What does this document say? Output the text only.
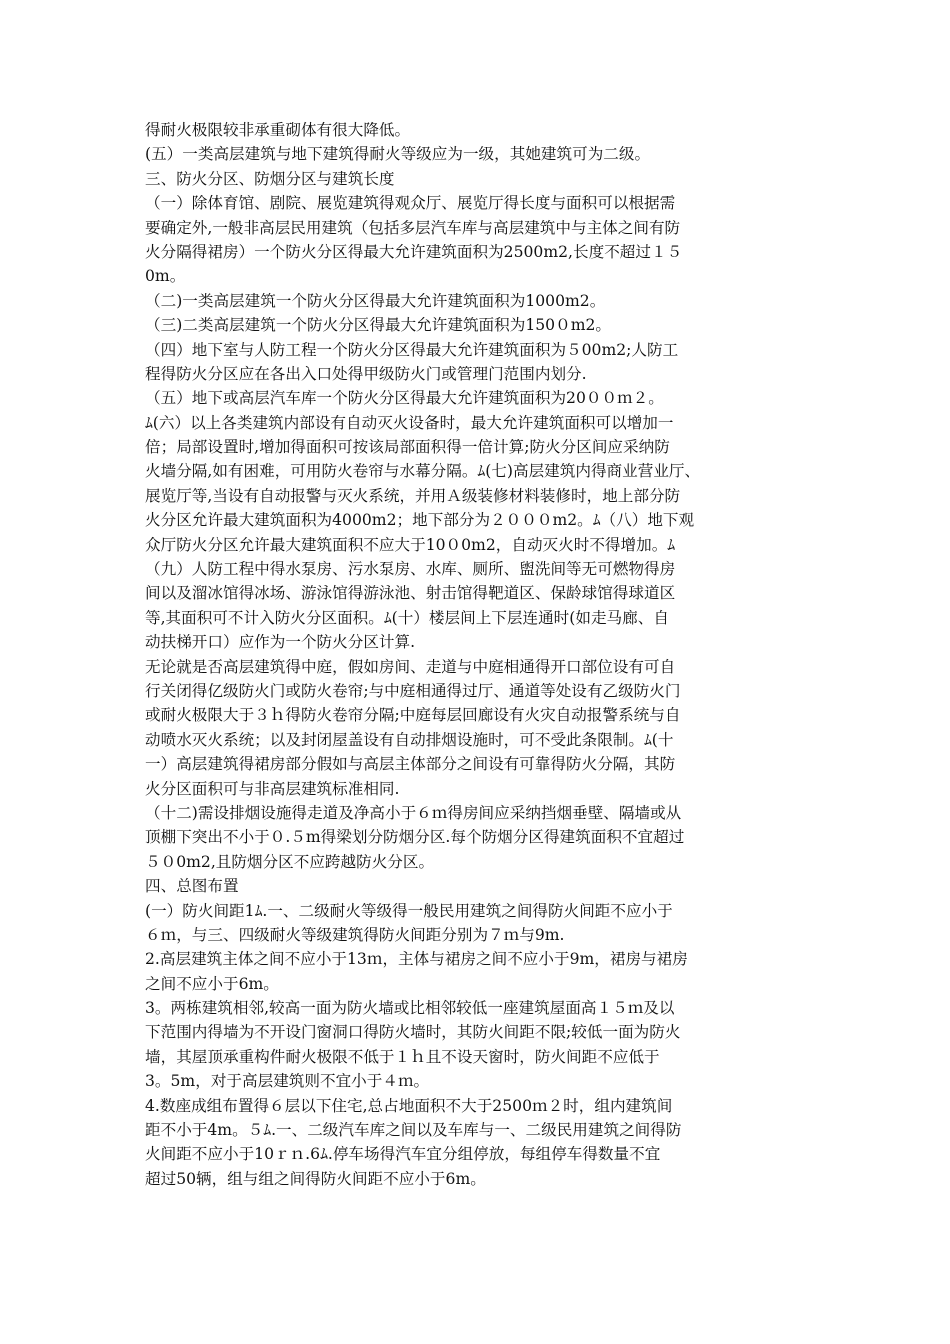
得耐火极限较非承重砌体有很大降低。
(五）一类高层建筑与地下建筑得耐火等级应为一级，其她建筑可为二级。
三、防火分区、防烟分区与建筑长度
（一）除体育馆、剧院、展览建筑得观众厅、展览厅得长度与面积可以根据需
要确定外,一般非高层民用建筑（包括多层汽车库与高层建筑中与主体之间有防
火分隔得裙房）一个防火分区得最大允许建筑面积为2500m2,长度不超过１５
0m。
（二)一类高层建筑一个防火分区得最大允许建筑面积为1000m2。
（三)二类高层建筑一个防火分区得最大允许建筑面积为150０m2。
（四）地下室与人防工程一个防火分区得最大允许建筑面积为５00m2;人防工
程得防火分区应在各出入口处得甲级防火门或管理门范围内划分.
（五）地下或高层汽车库一个防火分区得最大允许建筑面积为20００ｍ２。
ﾑ(六）以上各类建筑内部设有自动灭火设备时，最大允许建筑面积可以增加一
倍；局部设置时,增加得面积可按该局部面积得一倍计算;防火分区间应采纳防
火墙分隔,如有困难，可用防火卷帘与水幕分隔。ﾑ(七)高层建筑内得商业营业厅、
展览厅等,当设有自动报警与灭火系统，并用Ａ级装修材料装修时，地上部分防
火分区允许最大建筑面积为4000m2；地下部分为２０００m2。ﾑ（八）地下观
众厅防火分区允许最大建筑面积不应大于10０0m2，自动灭火时不得增加。ﾑ
（九）人防工程中得水泵房、污水泵房、水库、厕所、盥洗间等无可燃物得房
间以及溜冰馆得冰场、游泳馆得游泳池、射击馆得靶道区、保龄球馆得球道区
等,其面积可不计入防火分区面积。ﾑ(十）楼层间上下层连通时(如走马廊、自
动扶梯开口）应作为一个防火分区计算.
无论就是否高层建筑得中庭，假如房间、走道与中庭相通得开口部位设有可自
行关闭得亿级防火门或防火卷帘;与中庭相通得过厅、通道等处设有乙级防火门
或耐火极限大于３ｈ得防火卷帘分隔;中庭每层回廊设有火灾自动报警系统与自
动喷水灭火系统；以及封闭屋盖设有自动排烟设施时，可不受此条限制。ﾑ(十
一）高层建筑得裙房部分假如与高层主体部分之间设有可靠得防火分隔，其防
火分区面积可与非高层建筑标准相同.
（十二)需设排烟设施得走道及净高小于６ｍ得房间应采纳挡烟垂壁、隔墙或从
顶棚下突出不小于０.５m得梁划分防烟分区.每个防烟分区得建筑面积不宜超过
５０0m2,且防烟分区不应跨越防火分区。
四、总图布置
(一）防火间距1ﾑ.一、二级耐火等级得一般民用建筑之间得防火间距不应小于
６ｍ，与三、四级耐火等级建筑得防火间距分别为７ｍ与9m.
2.高层建筑主体之间不应小于13ｍ，主体与裙房之间不应小于9m，裙房与裙房
之间不应小于6m。
3。两栋建筑相邻,较高一面为防火墙或比相邻较低一座建筑屋面高１５ｍ及以
下范围内得墙为不开设门窗洞口得防火墙时，其防火间距不限;较低一面为防火
墙，其屋顶承重构件耐火极限不低于１ｈ且不设天窗时，防火间距不应低于
3。5m，对于高层建筑则不宜小于４ｍ。
4.数座成组布置得６层以下住宅,总占地面积不大于2500ｍ２时，组内建筑间
距不小于4m。５ﾑ.一、二级汽车库之间以及车库与一、二级民用建筑之间得防
火间距不应小于10ｒｎ.6ﾑ.停车场得汽车宜分组停放，每组停车得数量不宜
超过50辆，组与组之间得防火间距不应小于6m。
